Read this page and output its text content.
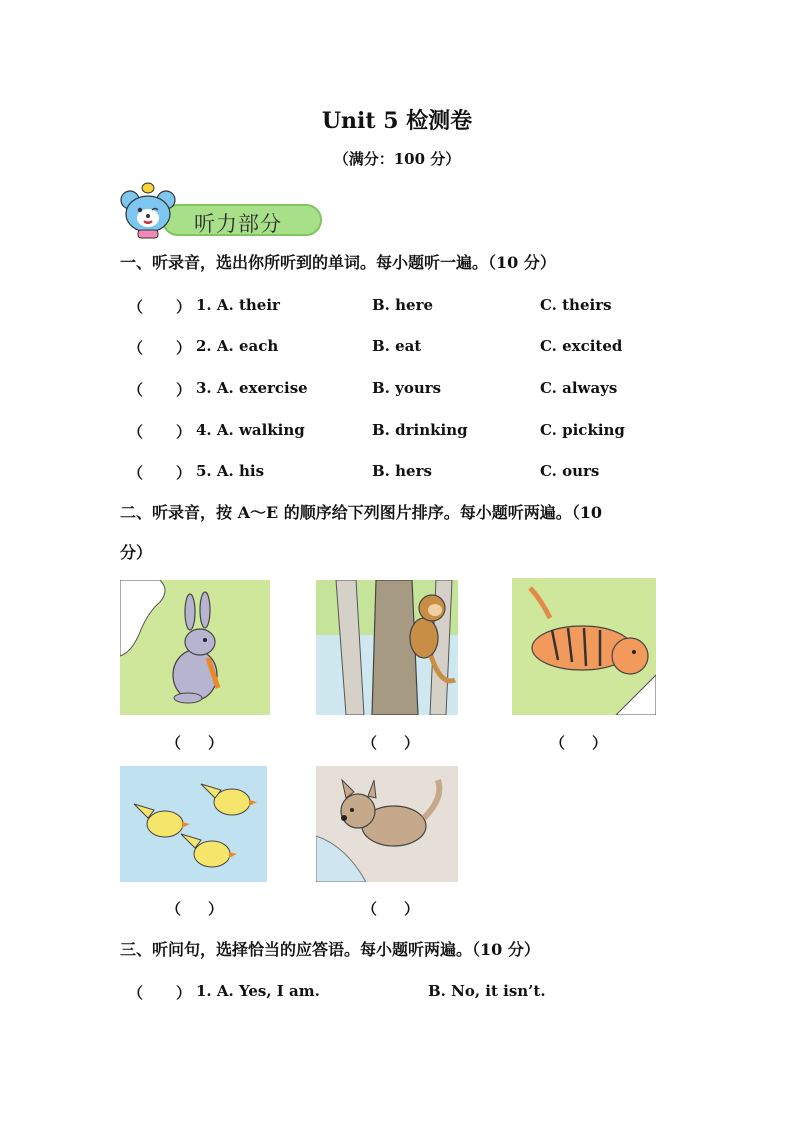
Unit 5 检测卷
（满分：100 分）
听力部分
一、听录音，选出你所听到的单词。每小题听一遍。（10 分）
（ ） 1. A. their	B. here	C. theirs
（ ） 2. A. each	B. eat	C. excited
（ ） 3. A. exercise	B. yours	C. always
（ ） 4. A. walking	B. drinking	C. picking
（ ） 5. A. his	B. hers	C. ours
二、听录音，按 A～E 的顺序给下列图片排序。每小题听两遍。（10
分）
（ ）	（ ）	（ ）
（ ）	（ ）
三、听问句，选择恰当的应答语。每小题听两遍。（10 分）
（ ） 1. A. Yes, I am.	B. No, it isn’t.
